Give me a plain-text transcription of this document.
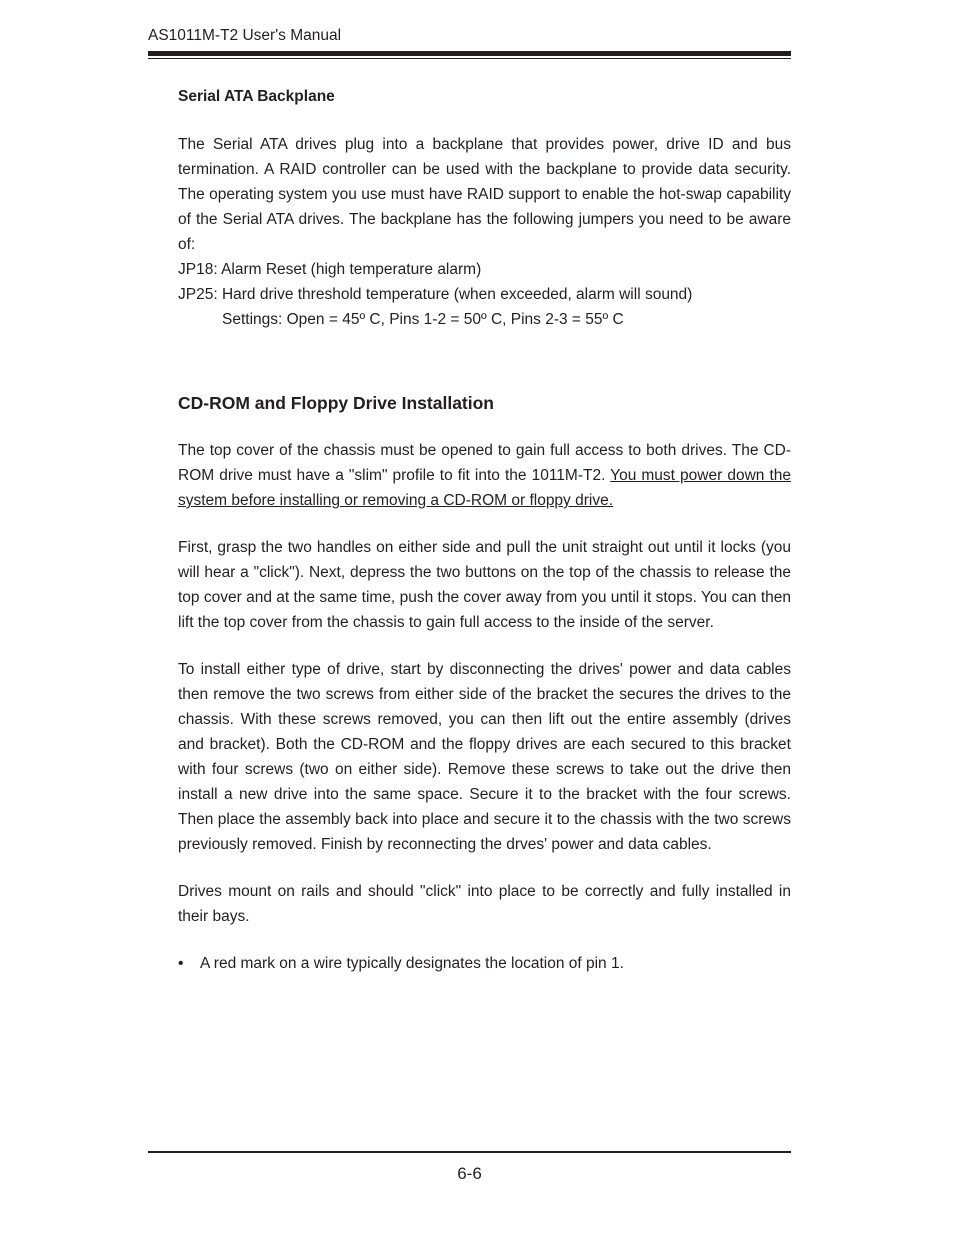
AS1011M-T2 User's Manual
Serial ATA Backplane

The Serial ATA drives plug into a backplane that provides power, drive ID and bus termination. A RAID controller can be used with the backplane to provide data security. The operating system you use must have RAID support to enable the hot-swap capability of the Serial ATA drives. The backplane has the following jumpers you need to be aware of:

JP18: Alarm Reset (high temperature alarm)

JP25: Hard drive threshold temperature (when exceeded, alarm will sound)

Settings: Open = 45º C, Pins 1-2 = 50º C, Pins 2-3 = 55º C

CD-ROM and Floppy Drive Installation

The top cover of the chassis must be opened to gain full access to both drives. The CD-ROM drive must have a "slim" profile to fit into the 1011M-T2. You must power down the system before installing or removing a CD-ROM or floppy drive.

First, grasp the two handles on either side and pull the unit straight out until it locks (you will hear a "click"). Next, depress the two buttons on the top of the chassis to release the top cover and at the same time, push the cover away from you until it stops. You can then lift the top cover from the chassis to gain full access to the inside of the server.

To install either type of drive, start by disconnecting the drives' power and data cables then remove the two screws from either side of the bracket the secures the drives to the chassis. With these screws removed, you can then lift out the entire assembly (drives and bracket). Both the CD-ROM and the floppy drives are each secured to this bracket with four screws (two on either side). Remove these screws to take out the drive then install a new drive into the same space. Secure it to the bracket with the four screws. Then place the assembly back into place and secure it to the chassis with the two screws previously removed. Finish by reconnecting the drves' power and data cables.

Drives mount on rails and should "click" into place to be correctly and fully installed in their bays.

•	A red mark on a wire typically designates the location of pin 1.
6-6
